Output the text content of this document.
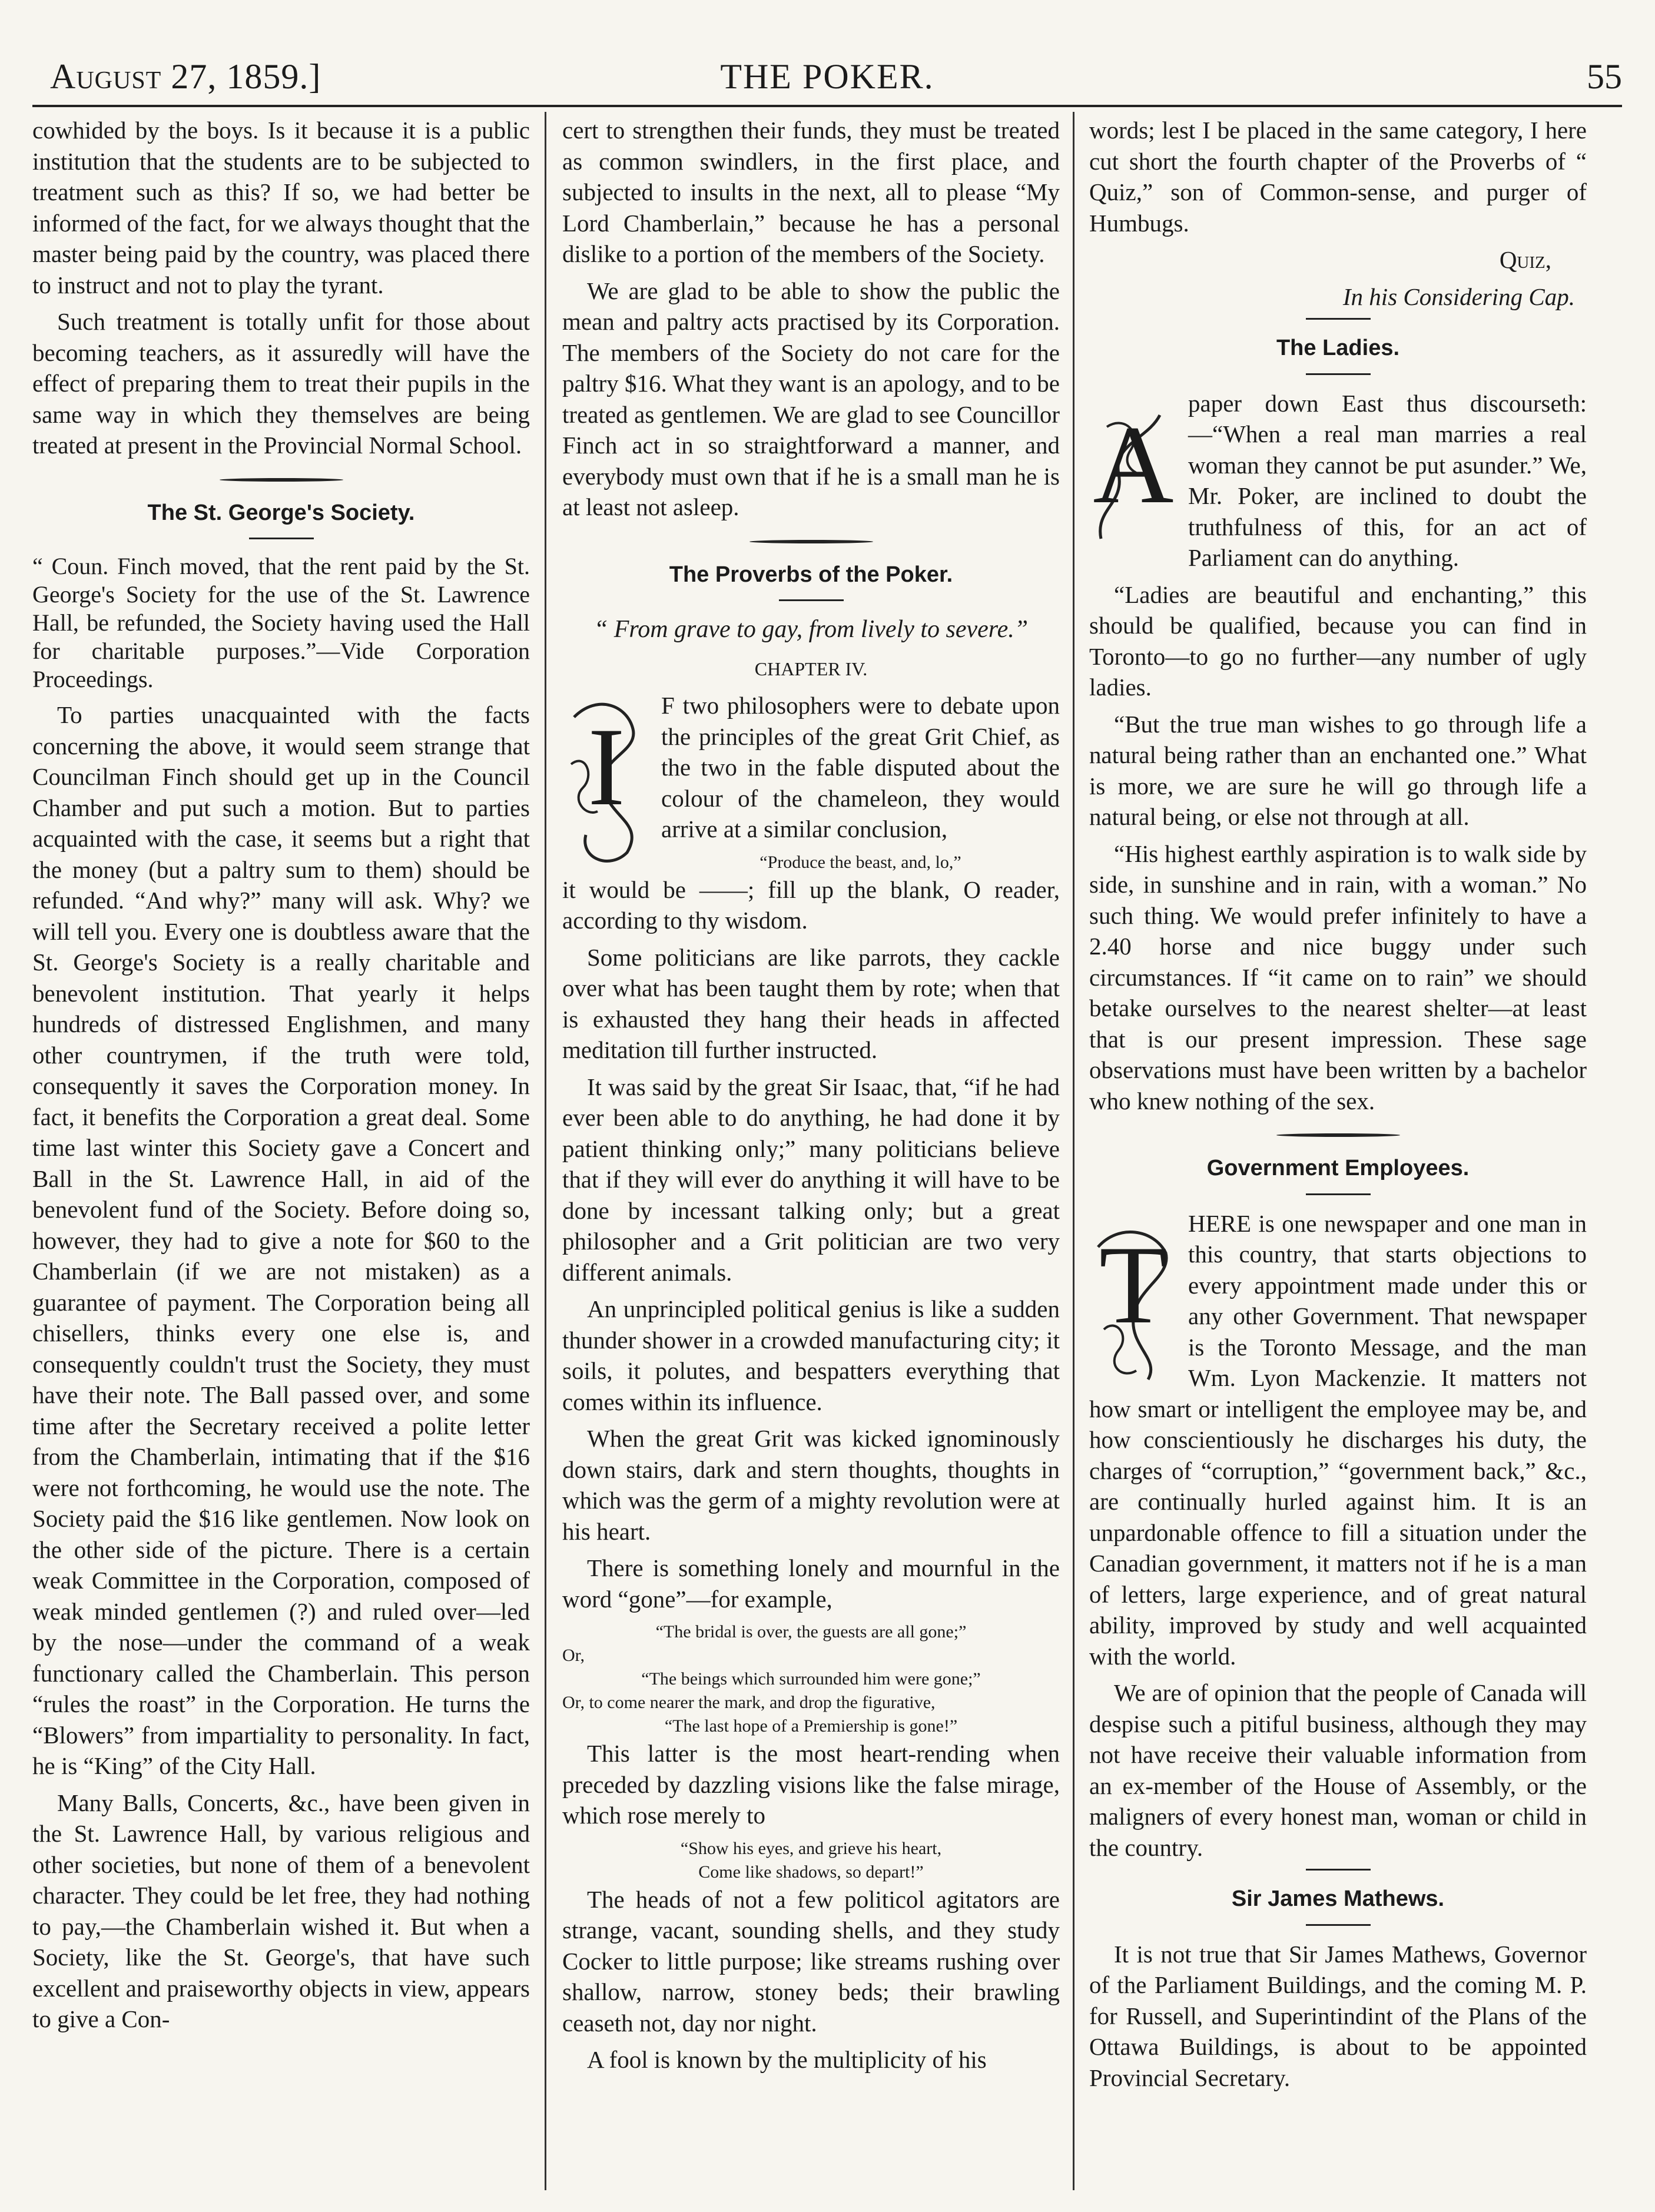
August 27, 1859.]	THE POKER.	55

cowhided by the boys. Is it because it is a public institution that the students are to be subjected to treatment such as this? If so, we had better be informed of the fact, for we always thought that the master being paid by the country, was placed there to instruct and not to play the tyrant.

Such treatment is totally unfit for those about becoming teachers, as it assuredly will have the effect of preparing them to treat their pupils in the same way in which they themselves are being treated at present in the Provincial Normal School.

The St. George's Society.

“ Coun. Finch moved, that the rent paid by the St. George's Society for the use of the St. Lawrence Hall, be refunded, the Society having used the Hall for charitable purposes.”—Vide Corporation Proceedings.

To parties unacquainted with the facts concerning the above, it would seem strange that Councilman Finch should get up in the Council Chamber and put such a motion. But to parties acquainted with the case, it seems but a right that the money (but a paltry sum to them) should be refunded. “And why?” many will ask. Why? we will tell you. Every one is doubtless aware that the St. George's Society is a really charitable and benevolent institution. That yearly it helps hundreds of distressed Englishmen, and many other countrymen, if the truth were told, consequently it saves the Corporation money. In fact, it benefits the Corporation a great deal. Some time last winter this Society gave a Concert and Ball in the St. Lawrence Hall, in aid of the benevolent fund of the Society. Before doing so, however, they had to give a note for $60 to the Chamberlain (if we are not mistaken) as a guarantee of payment. The Corporation being all chisellers, thinks every one else is, and consequently couldn't trust the Society, they must have their note. The Ball passed over, and some time after the Secretary received a polite letter from the Chamberlain, intimating that if the $16 were not forthcoming, he would use the note. The Society paid the $16 like gentlemen. Now look on the other side of the picture. There is a certain weak Committee in the Corporation, composed of weak minded gentlemen (?) and ruled over—led by the nose—under the command of a weak functionary called the Chamberlain. This person “rules the roast” in the Corporation. He turns the “Blowers” from impartiality to personality. In fact, he is “King” of the City Hall.

Many Balls, Concerts, &c., have been given in the St. Lawrence Hall, by various religious and other societies, but none of them of a benevolent character. They could be let free, they had nothing to pay,—the Chamberlain wished it. But when a Society, like the St. George's, that have such excellent and praiseworthy objects in view, appears to give a Con-

cert to strengthen their funds, they must be treated as common swindlers, in the first place, and subjected to insults in the next, all to please “My Lord Chamberlain,” because he has a personal dislike to a portion of the members of the Society.

We are glad to be able to show the public the mean and paltry acts practised by its Corporation. The members of the Society do not care for the paltry $16. What they want is an apology, and to be treated as gentlemen. We are glad to see Councillor Finch act in so straightforward a manner, and everybody must own that if he is a small man he is at least not asleep.

The Proverbs of the Poker.
“ From grave to gay, from lively to severe.”
CHAPTER IV.
I	F two philosophers were to debate upon the principles of the great Grit Chief, as the two in the fable disputed about the colour of the chameleon, they would arrive at a similar conclusion,

“Produce the beast, and, lo,”

it would be ——; fill up the blank, O reader, according to thy wisdom.

Some politicians are like parrots, they cackle over what has been taught them by rote; when that is exhausted they hang their heads in affected meditation till further instructed.

It was said by the great Sir Isaac, that, “if he had ever been able to do anything, he had done it by patient thinking only;” many politicians believe that if they will ever do anything it will have to be done by incessant talking only; but a great philosopher and a Grit politician are two very different animals.

An unprincipled political genius is like a sudden thunder shower in a crowded manufacturing city; it soils, it polutes, and bespatters everything that comes within its influence.

When the great Grit was kicked ignominously down stairs, dark and stern thoughts, thoughts in which was the germ of a mighty revolution were at his heart.

There is something lonely and mournful in the word “gone”—for example,

“The bridal is over, the guests are all gone;”

Or,

“The beings which surrounded him were gone;”

Or, to come nearer the mark, and drop the figurative,

“The last hope of a Premiership is gone!”

This latter is the most heart-rending when preceded by dazzling visions like the false mirage, which rose merely to

“Show his eyes, and grieve his heart,

Come like shadows, so depart!”

The heads of not a few politicol agitators are strange, vacant, sounding shells, and they study Cocker to little purpose; like streams rushing over shallow, narrow, stoney beds; their brawling ceaseth not, day nor night.

A fool is known by the multiplicity of his

words; lest I be placed in the same category, I here cut short the fourth chapter of the Proverbs of “ Quiz,” son of Common-sense, and purger of Humbugs.

Quiz,

In his Considering Cap.

The Ladies.
A paper down East thus discourseth:—“When a real man marries a real woman they cannot be put asunder.” We, Mr. Poker, are inclined to doubt the truthfulness of this, for an act of Parliament can do anything.

“Ladies are beautiful and enchanting,” this should be qualified, because you can find in Toronto—to go no further—any number of ugly ladies.

“But the true man wishes to go through life a natural being rather than an enchanted one.” What is more, we are sure he will go through life a natural being, or else not through at all.

“His highest earthly aspiration is to walk side by side, in sunshine and in rain, with a woman.” No such thing. We would prefer infinitely to have a 2.40 horse and nice buggy under such circumstances. If “it came on to rain” we should betake ourselves to the nearest shelter—at least that is our present impression. These sage observations must have been written by a bachelor who knew nothing of the sex.

Government Employees.
T HERE is one newspaper and one man in this country, that starts objections to every appointment made under this or any other Government. That newspaper is the Toronto Message, and the man Wm. Lyon Mackenzie. It matters not how smart or intelligent the employee may be, and how conscientiously he discharges his duty, the charges of “corruption,” “government back,” &c., are continually hurled against him. It is an unpardonable offence to fill a situation under the Canadian government, it matters not if he is a man of letters, large experience, and of great natural ability, improved by study and well acquainted with the world.

We are of opinion that the people of Canada will despise such a pitiful business, although they may not have receive their valuable information from an ex-member of the House of Assembly, or the maligners of every honest man, woman or child in the country.

Sir James Mathews.

It is not true that Sir James Mathews, Governor of the Parliament Buildings, and the coming M. P. for Russell, and Superintindint of the Plans of the Ottawa Buildings, is about to be appointed Provincial Secretary.
